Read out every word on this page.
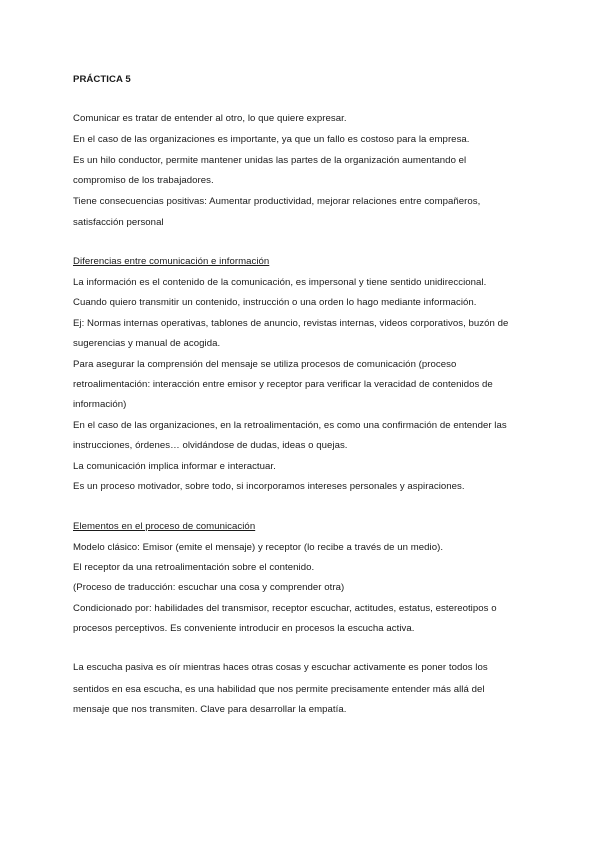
PRÁCTICA 5
Comunicar es tratar de entender al otro, lo que quiere expresar.
En el caso de las organizaciones es importante, ya que un fallo es costoso para la empresa.
Es un hilo conductor, permite mantener unidas las partes de la organización aumentando el
compromiso de los trabajadores.
Tiene consecuencias positivas: Aumentar productividad, mejorar relaciones entre compañeros,
satisfacción personal
Diferencias entre comunicación e información
La información es el contenido de la comunicación, es impersonal y tiene sentido unidireccional.
Cuando quiero transmitir un contenido, instrucción o una orden lo hago mediante información.
Ej: Normas internas operativas, tablones de anuncio, revistas internas, videos corporativos, buzón de
sugerencias y manual de acogida.
Para asegurar la comprensión del mensaje se utiliza procesos de comunicación (proceso
retroalimentación: interacción entre emisor y receptor para verificar la veracidad de contenidos de
información)
En el caso de las organizaciones, en la retroalimentación, es como una confirmación de entender las
instrucciones, órdenes… olvidándose de dudas, ideas o quejas.
La comunicación implica informar e interactuar.
Es un proceso motivador, sobre todo, si incorporamos intereses personales y aspiraciones.
Elementos en el proceso de comunicación
Modelo clásico: Emisor (emite el mensaje) y receptor (lo recibe a través de un medio).
El receptor da una retroalimentación sobre el contenido.
(Proceso de traducción: escuchar una cosa y comprender otra)
Condicionado por: habilidades del transmisor, receptor escuchar, actitudes, estatus, estereotipos o
procesos perceptivos. Es conveniente introducir en procesos la escucha activa.
La escucha pasiva es oír mientras haces otras cosas y escuchar activamente es poner todos los
sentidos en esa escucha, es una habilidad que nos permite precisamente entender más allá del
mensaje que nos transmiten. Clave para desarrollar la empatía.
